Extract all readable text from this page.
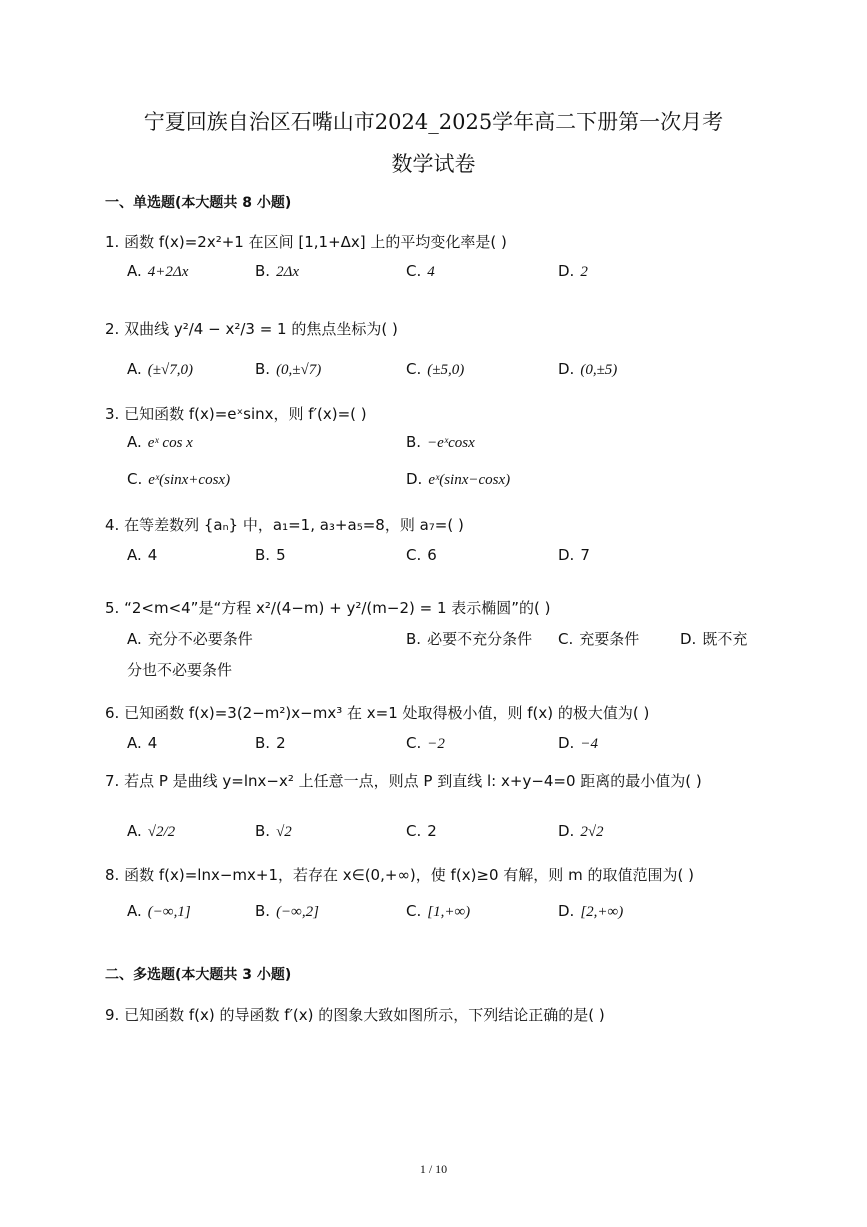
宁夏回族自治区石嘴山市2024_2025学年高二下册第一次月考
数学试卷
一、单选题(本大题共 8 小题)
1. 函数 f(x)=2x²+1 在区间 [1,1+Δx] 上的平均变化率是( )
A. 4+2Δx	B. 2Δx	C. 4	D. 2
2. 双曲线 y²/4 − x²/3 = 1 的焦点坐标为( )
A. (±√7,0)	B. (0,±√7)	C. (±5,0)	D. (0,±5)
3. 已知函数 f(x)=eˣsinx，则 f′(x)=( )
A. eˣ cos x	B. −eˣcosx
C. eˣ(sinx+cosx)	D. eˣ(sinx−cosx)
4. 在等差数列 {aₙ} 中，a₁=1, a₃+a₅=8，则 a₇=( )
A. 4	B. 5	C. 6	D. 7
5. “2<m<4”是“方程 x²/(4−m) + y²/(m−2) = 1 表示椭圆”的( )
A. 充分不必要条件	B. 必要不充分条件 C. 充要条件	D. 既不充
分也不必要条件
6. 已知函数 f(x)=3(2−m²)x−mx³ 在 x=1 处取得极小值，则 f(x) 的极大值为( )
A. 4	B. 2	C. −2	D. −4
7. 若点 P 是曲线 y=lnx−x² 上任意一点，则点 P 到直线 l: x+y−4=0 距离的最小值为( )
A. √2/2	B. √2	C. 2	D. 2√2
8. 函数 f(x)=lnx−mx+1，若存在 x∈(0,+∞)，使 f(x)≥0 有解，则 m 的取值范围为( )
A. (−∞,1]	B. (−∞,2]	C. [1,+∞)	D. [2,+∞)
二、多选题(本大题共 3 小题)
9. 已知函数 f(x) 的导函数 f′(x) 的图象大致如图所示，下列结论正确的是( )
1 / 10
